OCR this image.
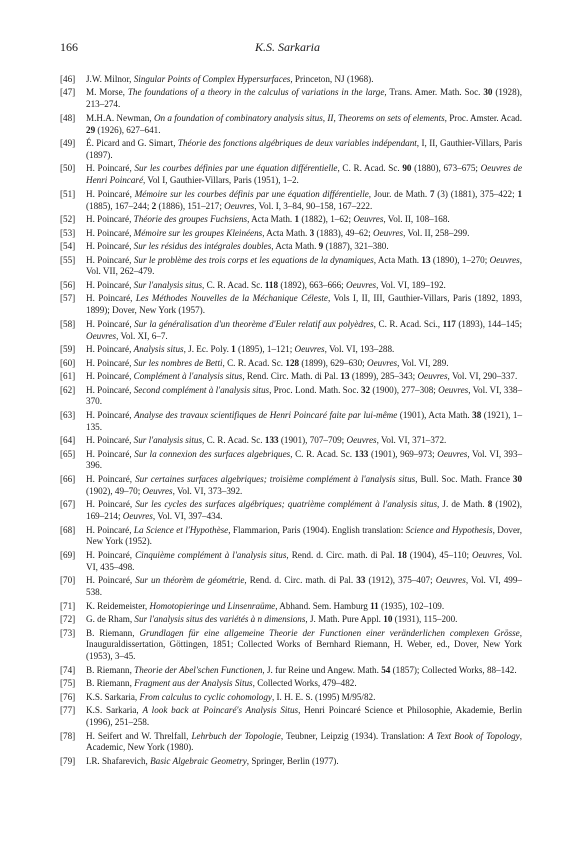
166	K.S. Sarkaria
[46]	J.W. Milnor, Singular Points of Complex Hypersurfaces, Princeton, NJ (1968).
[47]	M. Morse, The foundations of a theory in the calculus of variations in the large, Trans. Amer. Math. Soc. 30 (1928), 213–274.
[48]	M.H.A. Newman, On a foundation of combinatory analysis situs, II, Theorems on sets of elements, Proc. Amster. Acad. 29 (1926), 627–641.
[49]	É. Picard and G. Simart, Théorie des fonctions algébriques de deux variables indépendant, I, II, Gauthier-Villars, Paris (1897).
[50]	H. Poincaré, Sur les courbes définies par une équation différentielle, C. R. Acad. Sc. 90 (1880), 673–675; Oeuvres de Henri Poincaré, Vol I, Gauthier-Villars, Paris (1951), 1–2.
[51]	H. Poincaré, Mémoire sur les courbes définis par une équation différentielle, Jour. de Math. 7 (3) (1881), 375–422; 1 (1885), 167–244; 2 (1886), 151–217; Oeuvres, Vol. I, 3–84, 90–158, 167–222.
[52]	H. Poincaré, Théorie des groupes Fuchsiens, Acta Math. 1 (1882), 1–62; Oeuvres, Vol. II, 108–168.
[53]	H. Poincaré, Mémoire sur les groupes Kleinéens, Acta Math. 3 (1883), 49–62; Oeuvres, Vol. II, 258–299.
[54]	H. Poincaré, Sur les résidus des intégrales doubles, Acta Math. 9 (1887), 321–380.
[55]	H. Poincaré, Sur le problème des trois corps et les equations de la dynamiques, Acta Math. 13 (1890), 1–270; Oeuvres, Vol. VII, 262–479.
[56]	H. Poincaré, Sur l'analysis situs, C. R. Acad. Sc. 118 (1892), 663–666; Oeuvres, Vol. VI, 189–192.
[57]	H. Poincaré, Les Méthodes Nouvelles de la Méchanique Céleste, Vols I, II, III, Gauthier-Villars, Paris (1892, 1893, 1899); Dover, New York (1957).
[58]	H. Poincaré, Sur la généralisation d'un theorème d'Euler relatif aux polyèdres, C. R. Acad. Sci., 117 (1893), 144–145; Oeuvres, Vol. XI, 6–7.
[59]	H. Poincaré, Analysis situs, J. Ec. Poly. 1 (1895), 1–121; Oeuvres, Vol. VI, 193–288.
[60]	H. Poincaré, Sur les nombres de Betti, C. R. Acad. Sc. 128 (1899), 629–630; Oeuvres, Vol. VI, 289.
[61]	H. Poincaré, Complément à l'analysis situs, Rend. Circ. Math. di Pal. 13 (1899), 285–343; Oeuvres, Vol. VI, 290–337.
[62]	H. Poincaré, Second complément à l'analysis situs, Proc. Lond. Math. Soc. 32 (1900), 277–308; Oeuvres, Vol. VI, 338–370.
[63]	H. Poincaré, Analyse des travaux scientifiques de Henri Poincaré faite par lui-même (1901), Acta Math. 38 (1921), 1–135.
[64]	H. Poincaré, Sur l'analysis situs, C. R. Acad. Sc. 133 (1901), 707–709; Oeuvres, Vol. VI, 371–372.
[65]	H. Poincaré, Sur la connexion des surfaces algebriques, C. R. Acad. Sc. 133 (1901), 969–973; Oeuvres, Vol. VI, 393–396.
[66]	H. Poincaré, Sur certaines surfaces algebriques; troisième complément à l'analysis situs, Bull. Soc. Math. France 30 (1902), 49–70; Oeuvres, Vol. VI, 373–392.
[67]	H. Poincaré, Sur les cycles des surfaces algébriques; quatrième complément à l'analysis situs, J. de Math. 8 (1902), 169–214; Oeuvres, Vol. VI, 397–434.
[68]	H. Poincaré, La Science et l'Hypothèse, Flammarion, Paris (1904). English translation: Science and Hypothesis, Dover, New York (1952).
[69]	H. Poincaré, Cinquième complément à l'analysis situs, Rend. d. Circ. math. di Pal. 18 (1904), 45–110; Oeuvres, Vol. VI, 435–498.
[70]	H. Poincaré, Sur un théorèm de géométrie, Rend. d. Circ. math. di Pal. 33 (1912), 375–407; Oeuvres, Vol. VI, 499–538.
[71]	K. Reidemeister, Homotopieringe und Linsenraüme, Abhand. Sem. Hamburg 11 (1935), 102–109.
[72]	G. de Rham, Sur l'analysis situs des variétés à n dimensions, J. Math. Pure Appl. 10 (1931), 115–200.
[73]	B. Riemann, Grundlagen für eine allgemeine Theorie der Functionen einer veränderlichen complexen Grösse, Inauguraldissertation, Göttingen, 1851; Collected Works of Bernhard Riemann, H. Weber, ed., Dover, New York (1953), 3–45.
[74]	B. Riemann, Theorie der Abel'schen Functionen, J. fur Reine und Angew. Math. 54 (1857); Collected Works, 88–142.
[75]	B. Riemann, Fragment aus der Analysis Situs, Collected Works, 479–482.
[76]	K.S. Sarkaria, From calculus to cyclic cohomology, I. H. E. S. (1995) M/95/82.
[77]	K.S. Sarkaria, A look back at Poincaré's Analysis Situs, Henri Poincaré Science et Philosophie, Akademie, Berlin (1996), 251–258.
[78]	H. Seifert and W. Threlfall, Lehrbuch der Topologie, Teubner, Leipzig (1934). Translation: A Text Book of Topology, Academic, New York (1980).
[79]	I.R. Shafarevich, Basic Algebraic Geometry, Springer, Berlin (1977).
